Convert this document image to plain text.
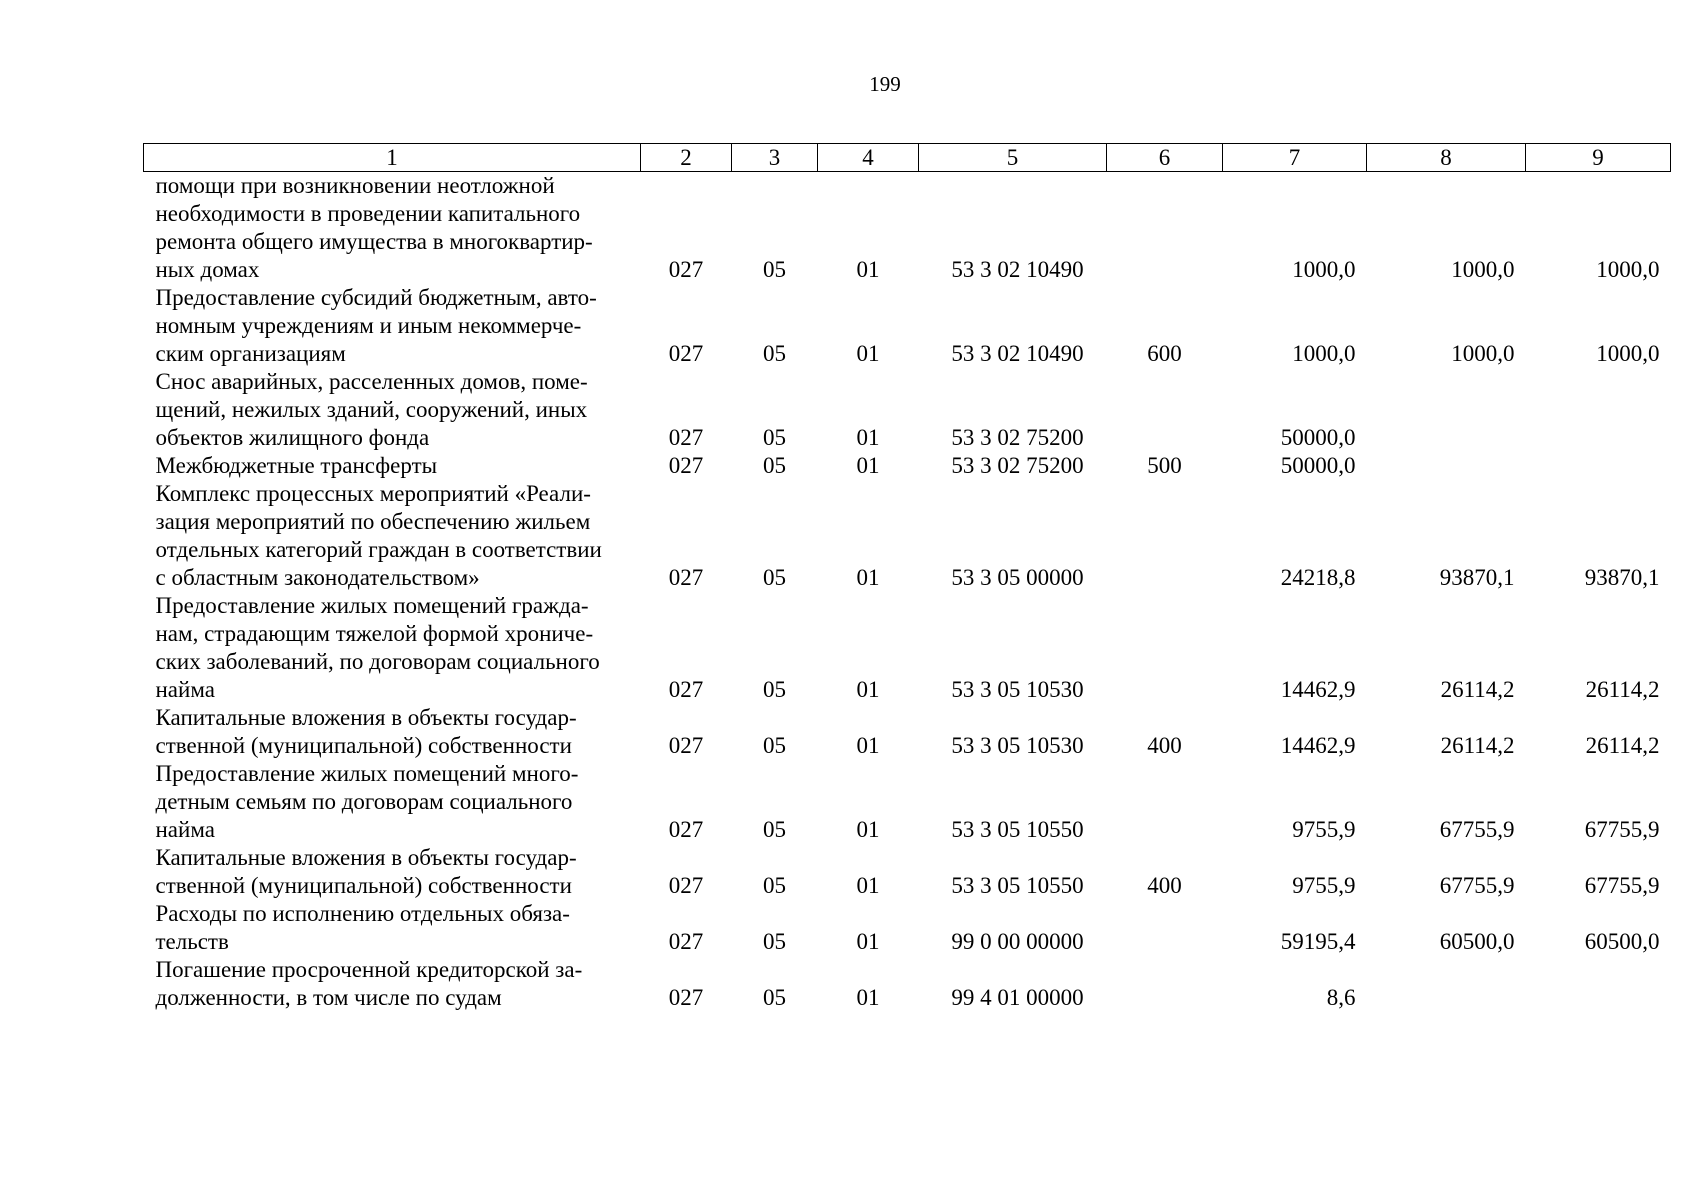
199
1	2	3	4	5	6	7	8	9

помощи при возникновении неотложной
необходимости в проведении капитального
ремонта общего имущества в многоквартир-
ных домах	027	05	01	53 3 02 10490		1000,0	1000,0	1000,0

Предоставление субсидий бюджетным, авто-
номным учреждениям и иным некоммерче-
ским организациям	027	05	01	53 3 02 10490	600	1000,0	1000,0	1000,0

Снос аварийных, расселенных домов, поме-
щений, нежилых зданий, сооружений, иных
объектов жилищного фонда	027	05	01	53 3 02 75200		50000,0		

Межбюджетные трансферты	027	05	01	53 3 02 75200	500	50000,0		

Комплекс процессных мероприятий «Реали-
зация мероприятий по обеспечению жильем
отдельных категорий граждан в соответствии
с областным законодательством»	027	05	01	53 3 05 00000		24218,8	93870,1	93870,1

Предоставление жилых помещений гражда-
нам, страдающим тяжелой формой хрониче-
ских заболеваний, по договорам социального
найма	027	05	01	53 3 05 10530		14462,9	26114,2	26114,2

Капитальные вложения в объекты государ-
ственной (муниципальной) собственности	027	05	01	53 3 05 10530	400	14462,9	26114,2	26114,2

Предоставление жилых помещений много-
детным семьям по договорам социального
найма	027	05	01	53 3 05 10550		9755,9	67755,9	67755,9

Капитальные вложения в объекты государ-
ственной (муниципальной) собственности	027	05	01	53 3 05 10550	400	9755,9	67755,9	67755,9

Расходы по исполнению отдельных обяза-
тельств	027	05	01	99 0 00 00000		59195,4	60500,0	60500,0

Погашение просроченной кредиторской за-
долженности, в том числе по судам	027	05	01	99 4 01 00000		8,6		
